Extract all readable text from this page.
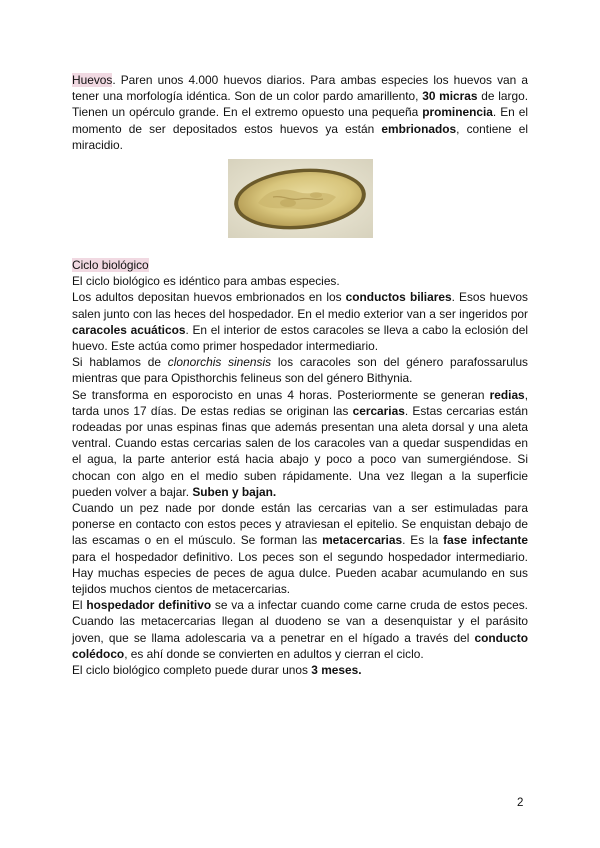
Huevos. Paren unos 4.000 huevos diarios. Para ambas especies los huevos van a tener una morfología idéntica. Son de un color pardo amarillento, 30 micras de largo. Tienen un opérculo grande. En el extremo opuesto una pequeña prominencia. En el momento de ser depositados estos huevos ya están embrionados, contiene el miracidio.

Ciclo biológico

El ciclo biológico es idéntico para ambas especies.

Los adultos depositan huevos embrionados en los conductos biliares. Esos huevos salen junto con las heces del hospedador. En el medio exterior van a ser ingeridos por caracoles acuáticos. En el interior de estos caracoles se lleva a cabo la eclosión del huevo. Este actúa como primer hospedador intermediario.

Si hablamos de clonorchis sinensis los caracoles son del género parafossarulus mientras que para Opisthorchis felineus son del género Bithynia.

Se transforma en esporocisto en unas 4 horas. Posteriormente se generan redias, tarda unos 17 días. De estas redias se originan las cercarias. Estas cercarias están rodeadas por unas espinas finas que además presentan una aleta dorsal y una aleta ventral. Cuando estas cercarias salen de los caracoles van a quedar suspendidas en el agua, la parte anterior está hacia abajo y poco a poco van sumergiéndose. Si chocan con algo en el medio suben rápidamente. Una vez llegan a la superficie pueden volver a bajar. Suben y bajan.

Cuando un pez nade por donde están las cercarias van a ser estimuladas para ponerse en contacto con estos peces y atraviesan el epitelio. Se enquistan debajo de las escamas o en el músculo. Se forman las metacercarias. Es la fase infectante para el hospedador definitivo. Los peces son el segundo hospedador intermediario. Hay muchas especies de peces de agua dulce. Pueden acabar acumulando en sus tejidos muchos cientos de metacercarias.

El hospedador definitivo se va a infectar cuando come carne cruda de estos peces. Cuando las metacercarias llegan al duodeno se van a desenquistar y el parásito joven, que se llama adolescaria va a penetrar en el hígado a través del conducto colédoco, es ahí donde se convierten en adultos y cierran el ciclo.

El ciclo biológico completo puede durar unos 3 meses.

2
